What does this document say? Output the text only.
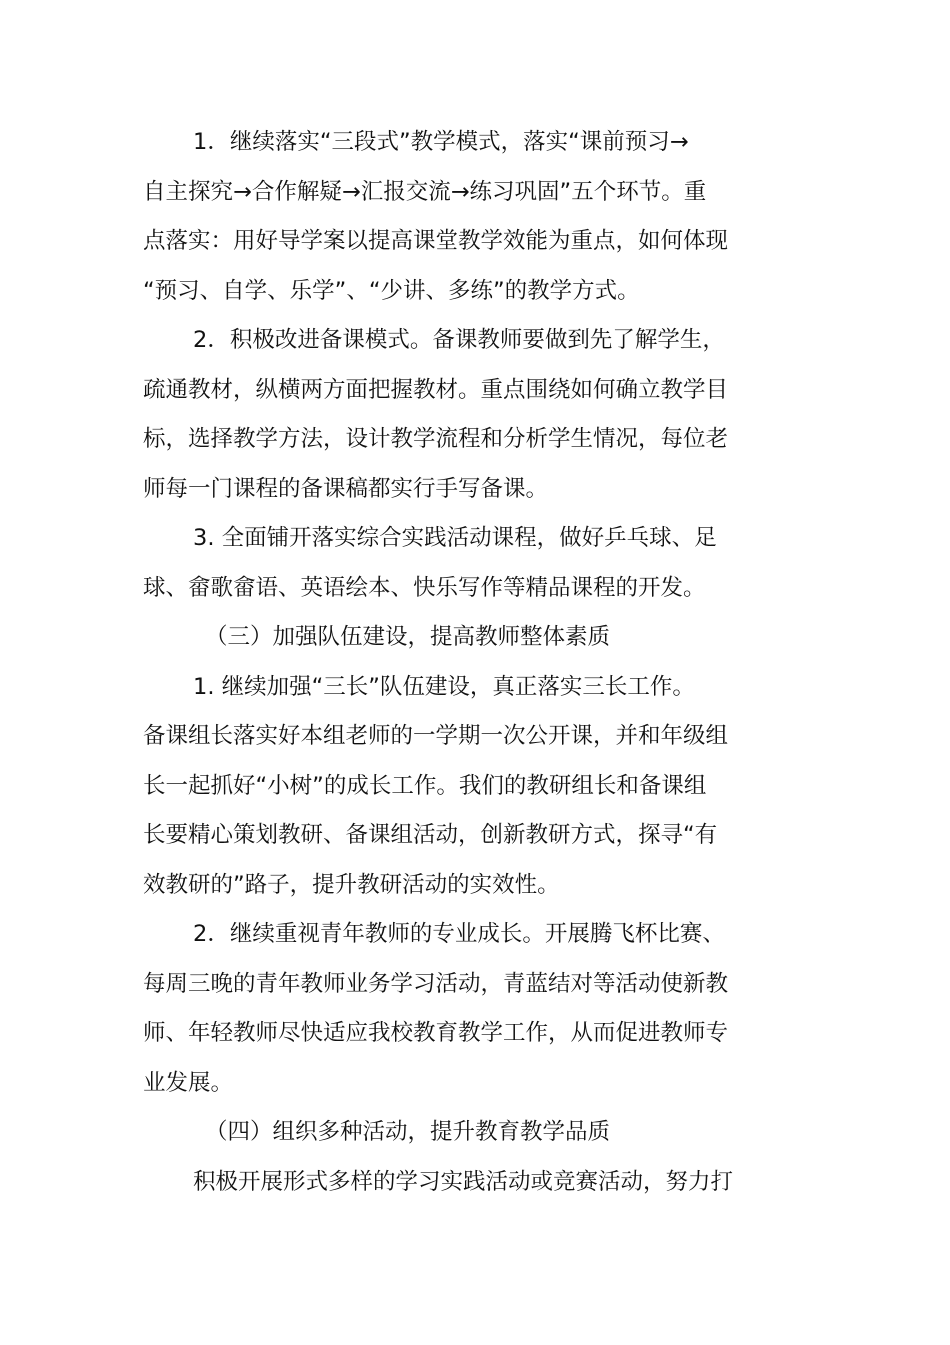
1．继续落实“三段式”教学模式，落实“课前预习→
自主探究→合作解疑→汇报交流→练习巩固”五个环节。重
点落实：用好导学案以提高课堂教学效能为重点，如何体现
“预习、自学、乐学”、“少讲、多练”的教学方式。

2．积极改进备课模式。备课教师要做到先了解学生，
疏通教材，纵横两方面把握教材。重点围绕如何确立教学目
标，选择教学方法，设计教学流程和分析学生情况，每位老
师每一门课程的备课稿都实行手写备课。

3. 全面铺开落实综合实践活动课程，做好乒乓球、足
球、畲歌畲语、英语绘本、快乐写作等精品课程的开发。

（三）加强队伍建设，提高教师整体素质

1. 继续加强“三长”队伍建设，真正落实三长工作。
备课组长落实好本组老师的一学期一次公开课，并和年级组
长一起抓好“小树”的成长工作。我们的教研组长和备课组
长要精心策划教研、备课组活动，创新教研方式，探寻“有
效教研的”路子，提升教研活动的实效性。

2．继续重视青年教师的专业成长。开展腾飞杯比赛、
每周三晚的青年教师业务学习活动，青蓝结对等活动使新教
师、年轻教师尽快适应我校教育教学工作，从而促进教师专
业发展。

（四）组织多种活动，提升教育教学品质

积极开展形式多样的学习实践活动或竞赛活动，努力打
